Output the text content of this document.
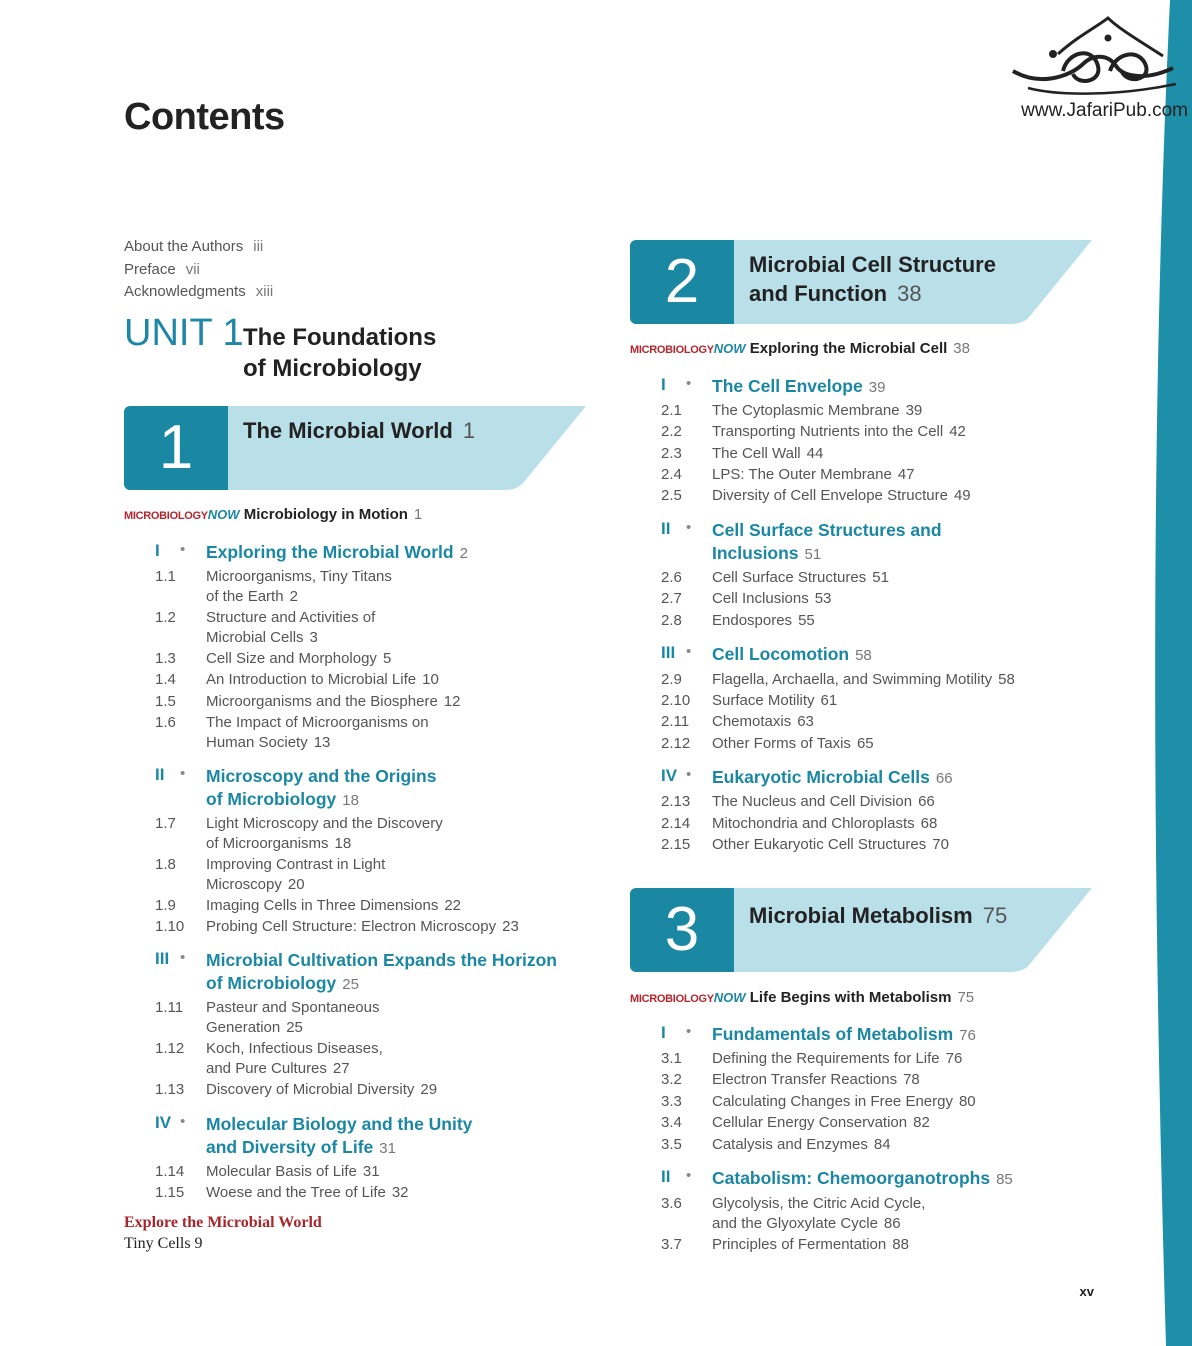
www.JafariPub.com
Contents
About the Authors iii
Preface vii
Acknowledgments xiii
UNIT 1 The Foundations
of Microbiology
1	The Microbial World 1
MICROBIOLOGYNOW Microbiology in Motion 1
I • Exploring the Microbial World 2
1.1	Microorganisms, Tiny Titans
of the Earth 2
1.2	Structure and Activities of
Microbial Cells 3
1.3	Cell Size and Morphology 5
1.4	An Introduction to Microbial Life 10
1.5	Microorganisms and the Biosphere 12
1.6	The Impact of Microorganisms on
Human Society 13
II • Microscopy and the Origins
of Microbiology 18
1.7	Light Microscopy and the Discovery
of Microorganisms 18
1.8	Improving Contrast in Light
Microscopy 20
1.9	Imaging Cells in Three Dimensions 22
1.10	Probing Cell Structure: Electron Microscopy 23
III • Microbial Cultivation Expands the Horizon
of Microbiology 25
1.11	Pasteur and Spontaneous
Generation 25
1.12	Koch, Infectious Diseases,
and Pure Cultures 27
1.13	Discovery of Microbial Diversity 29
IV • Molecular Biology and the Unity
and Diversity of Life 31
1.14	Molecular Basis of Life 31
1.15	Woese and the Tree of Life 32
Explore the Microbial World
Tiny Cells 9
2	Microbial Cell Structure
and Function 38
MICROBIOLOGYNOW Exploring the Microbial Cell 38
I • The Cell Envelope 39
2.1	The Cytoplasmic Membrane 39
2.2	Transporting Nutrients into the Cell 42
2.3	The Cell Wall 44
2.4	LPS: The Outer Membrane 47
2.5	Diversity of Cell Envelope Structure 49
II • Cell Surface Structures and
Inclusions 51
2.6	Cell Surface Structures 51
2.7	Cell Inclusions 53
2.8	Endospores 55
III • Cell Locomotion 58
2.9	Flagella, Archaella, and Swimming Motility 58
2.10	Surface Motility 61
2.11	Chemotaxis 63
2.12	Other Forms of Taxis 65
IV • Eukaryotic Microbial Cells 66
2.13	The Nucleus and Cell Division 66
2.14	Mitochondria and Chloroplasts 68
2.15	Other Eukaryotic Cell Structures 70
3	Microbial Metabolism 75
MICROBIOLOGYNOW Life Begins with Metabolism 75
I • Fundamentals of Metabolism 76
3.1	Defining the Requirements for Life 76
3.2	Electron Transfer Reactions 78
3.3	Calculating Changes in Free Energy 80
3.4	Cellular Energy Conservation 82
3.5	Catalysis and Enzymes 84
II • Catabolism: Chemoorganotrophs 85
3.6	Glycolysis, the Citric Acid Cycle,
and the Glyoxylate Cycle 86
3.7	Principles of Fermentation 88
xv
